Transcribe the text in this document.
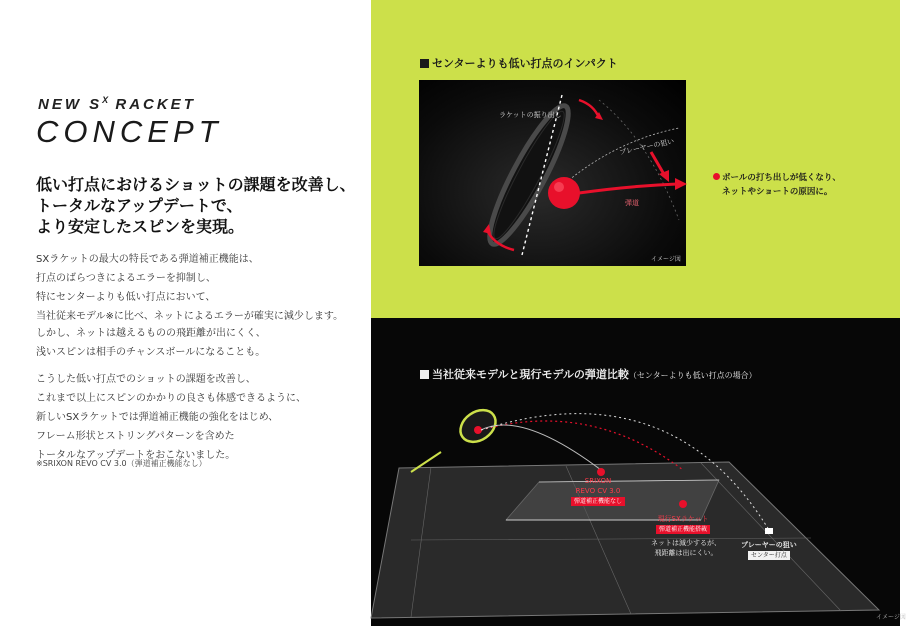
NEW $S^X$ RACKET
CONCEPT
低い打点におけるショットの課題を改善し、
トータルなアップデートで、
より安定したスピンを実現。
SXラケットの最大の特長である弾道補正機能は、
打点のばらつきによるエラーを抑制し、
特にセンターよりも低い打点において、
当社従来モデル※に比べ、ネットによるエラーが確実に減少します。
しかし、ネットは越えるものの飛距離が出にくく、
浅いスピンは相手のチャンスボールになることも。
こうした低い打点でのショットの課題を改善し、
これまで以上にスピンのかかりの良さも体感できるように、
新しいSXラケットでは弾道補正機能の強化をはじめ、
フレーム形状とストリングパターンを含めた
トータルなアップデートをおこないました。
※SRIXON REVO CV 3.0（弾道補正機能なし）
センターよりも低い打点のインパクト
ラケットの振り出し
プレーヤーの狙い
弾道
イメージ図
ボールの打ち出しが低くなり、
ネットやショートの原因に。
当社従来モデルと現行モデルの弾道比較（センターよりも低い打点の場合）
SRIXON
REVO CV 3.0
弾道補正機能なし
現行SXラケット
弾道補正機能搭載
ネットは減少するが、
飛距離は出にくい。
プレーヤーの狙い
センター打点
イメージ図
